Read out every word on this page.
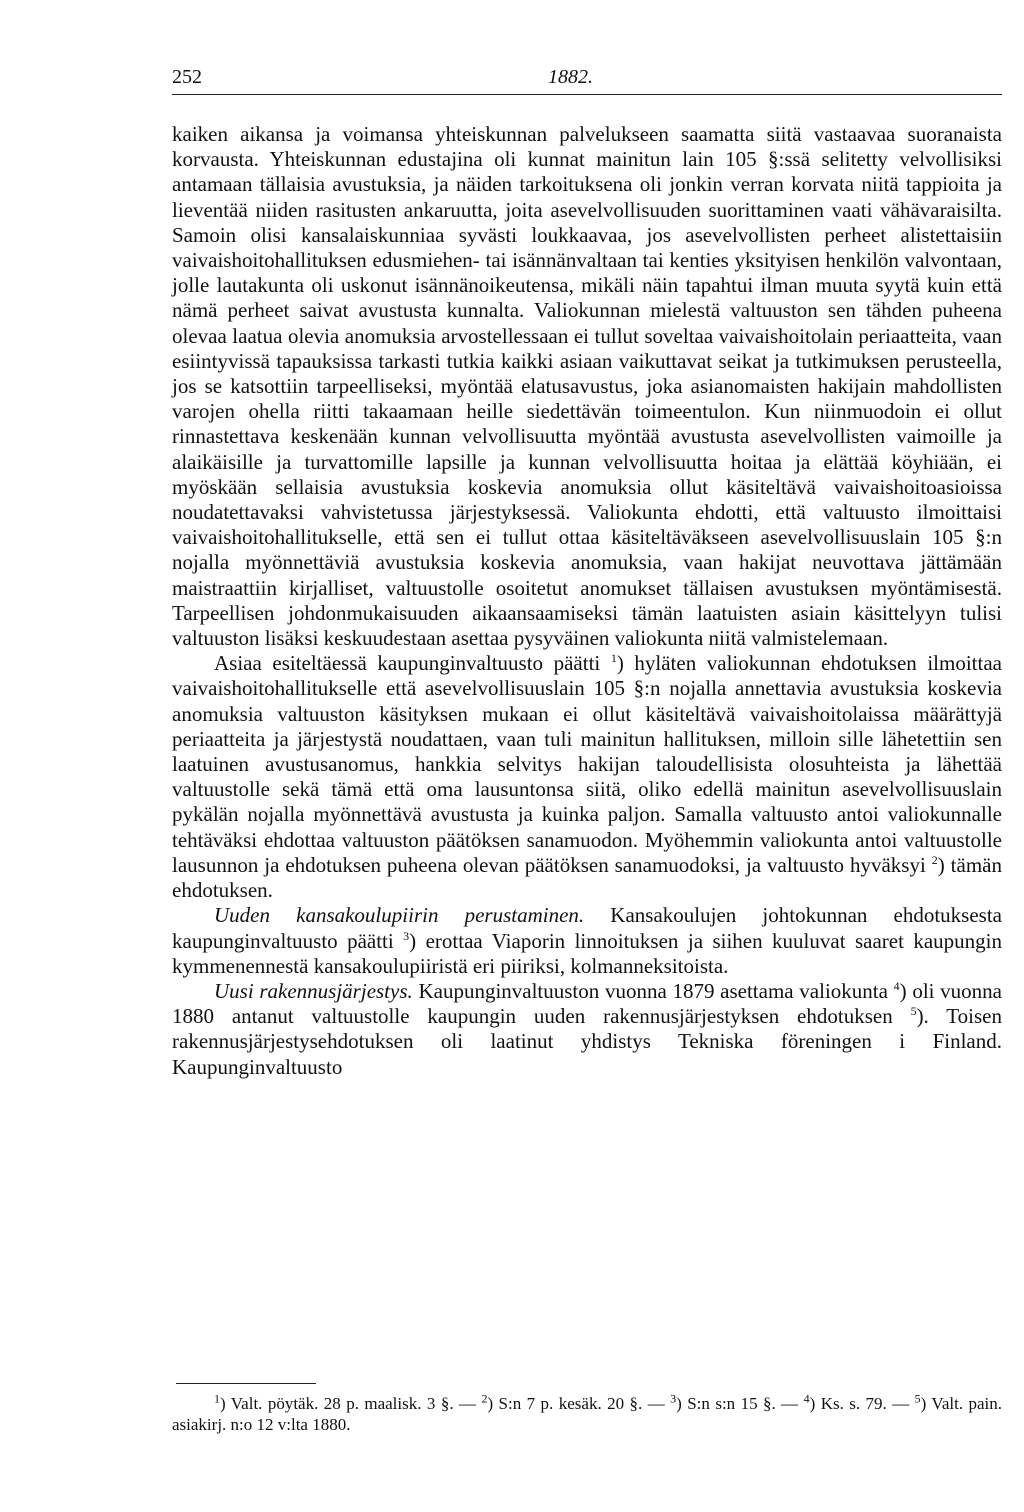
252	1882.

kaiken aikansa ja voimansa yhteiskunnan palvelukseen saamatta siitä vastaavaa suoranaista korvausta. Yhteiskunnan edustajina oli kunnat mainitun lain 105 §:ssä selitetty velvollisiksi antamaan tällaisia avustuksia, ja näiden tarkoituksena oli jonkin verran korvata niitä tappioita ja lieventää niiden rasitusten ankaruutta, joita asevelvollisuuden suorittaminen vaati vähävaraisilta. Samoin olisi kansalaiskunniaa syvästi loukkaavaa, jos asevelvollisten perheet alistettaisiin vaivaishoitohallituksen edusmiehen- tai isännänvaltaan tai kenties yksityisen henkilön valvontaan, jolle lautakunta oli uskonut isännänoikeutensa, mikäli näin tapahtui ilman muuta syytä kuin että nämä perheet saivat avustusta kunnalta. Valiokunnan mielestä valtuuston sen tähden puheena olevaa laatua olevia anomuksia arvostellessaan ei tullut soveltaa vaivaishoitolain periaatteita, vaan esiintyvissä tapauksissa tarkasti tutkia kaikki asiaan vaikuttavat seikat ja tutkimuksen perusteella, jos se katsottiin tarpeelliseksi, myöntää elatusavustus, joka asianomaisten hakijain mahdollisten varojen ohella riitti takaamaan heille siedettävän toimeentulon. Kun niinmuodoin ei ollut rinnastettava keskenään kunnan velvollisuutta myöntää avustusta asevelvollisten vaimoille ja alaikäisille ja turvattomille lapsille ja kunnan velvollisuutta hoitaa ja elättää köyhiään, ei myöskään sellaisia avustuksia koskevia anomuksia ollut käsiteltävä vaivaishoitoasioissa noudatettavaksi vahvistetussa järjestyksessä. Valiokunta ehdotti, että valtuusto ilmoittaisi vaivaishoitohallitukselle, että sen ei tullut ottaa käsiteltäväkseen asevelvollisuuslain 105 §:n nojalla myönnettäviä avustuksia koskevia anomuksia, vaan hakijat neuvottava jättämään maistraattiin kirjalliset, valtuustolle osoitetut anomukset tällaisen avustuksen myöntämisestä. Tarpeellisen johdonmukaisuuden aikaansaamiseksi tämän laatuisten asiain käsittelyyn tulisi valtuuston lisäksi keskuudestaan asettaa pysyväinen valiokunta niitä valmistelemaan.

Asiaa esiteltäessä kaupunginvaltuusto päätti $^1$) hyläten valiokunnan ehdotuksen ilmoittaa vaivaishoitohallitukselle että asevelvollisuuslain 105 §:n nojalla annettavia avustuksia koskevia anomuksia valtuuston käsityksen mukaan ei ollut käsiteltävä vaivaishoitolaissa määrättyjä periaatteita ja järjestystä noudattaen, vaan tuli mainitun hallituksen, milloin sille lähetettiin sen laatuinen avustusanomus, hankkia selvitys hakijan taloudellisista olosuhteista ja lähettää valtuustolle sekä tämä että oma lausuntonsa siitä, oliko edellä mainitun asevelvollisuuslain pykälän nojalla myönnettävä avustusta ja kuinka paljon. Samalla valtuusto antoi valiokunnalle tehtäväksi ehdottaa valtuuston päätöksen sanamuodon. Myöhemmin valiokunta antoi valtuustolle lausunnon ja ehdotuksen puheena olevan päätöksen sanamuodoksi, ja valtuusto hyväksyi $^2$) tämän ehdotuksen.

Uuden kansakoulupiirin perustaminen. Kansakoulujen johtokunnan ehdotuksesta kaupunginvaltuusto päätti $^3$) erottaa Viaporin linnoituksen ja siihen kuuluvat saaret kaupungin kymmenennestä kansakoulupiiristä eri piiriksi, kolmanneksitoista.

Uusi rakennusjärjestys. Kaupunginvaltuuston vuonna 1879 asettama valiokunta $^4$) oli vuonna 1880 antanut valtuustolle kaupungin uuden rakennusjärjestyksen ehdotuksen $^5$). Toisen rakennusjärjestysehdotuksen oli laatinut yhdistys Tekniska föreningen i Finland. Kaupunginvaltuusto

$^1$) Valt. pöytäk. 28 p. maalisk. 3 §. — $^2$) S:n 7 p. kesäk. 20 §. — $^3$) S:n s:n 15 §. — $^4$) Ks. s. 79. — $^5$) Valt. pain. asiakirj. n:o 12 v:lta 1880.
